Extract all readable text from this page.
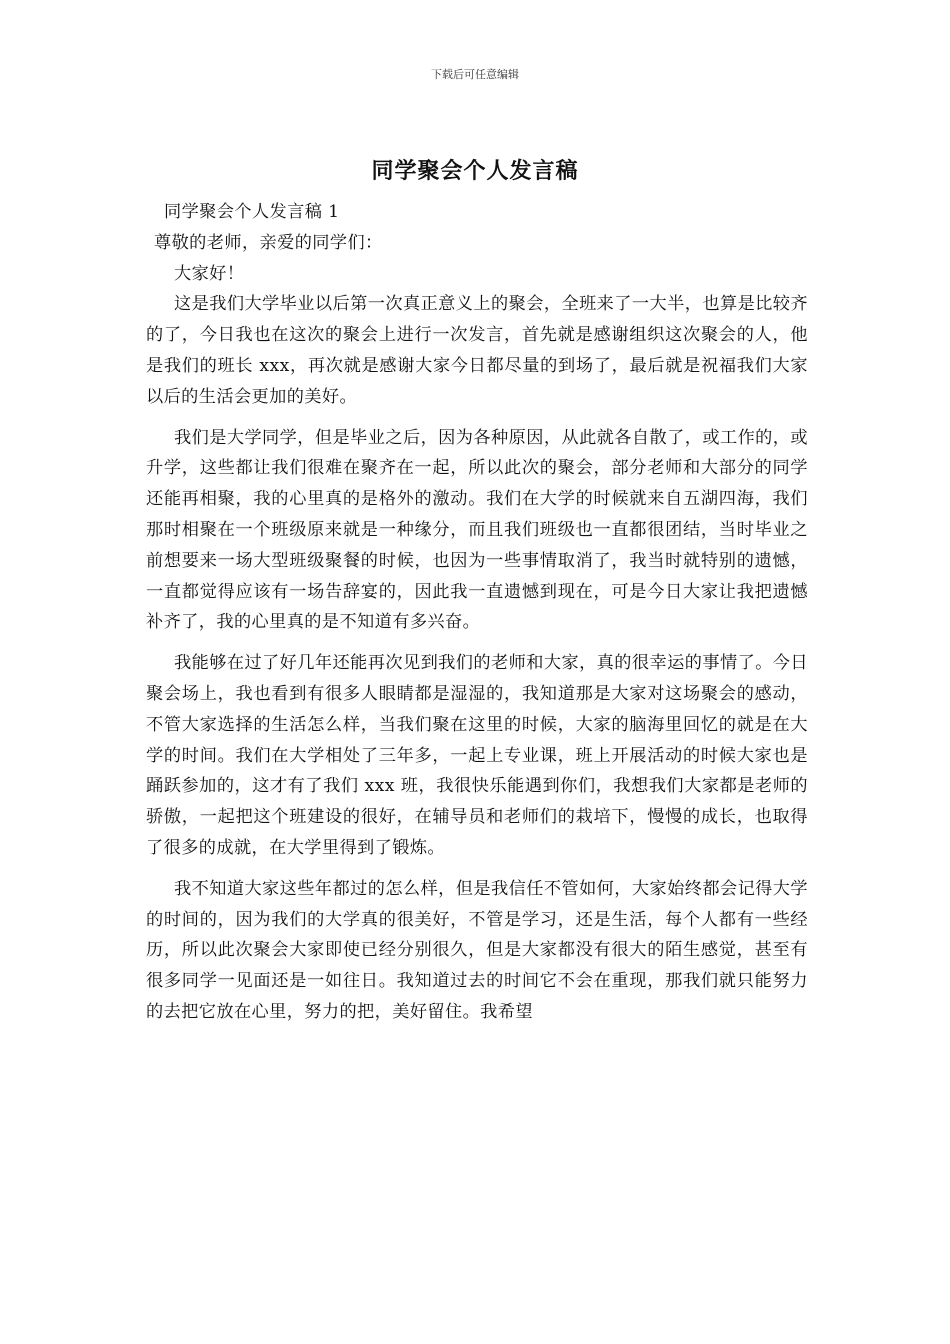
下载后可任意编辑
同学聚会个人发言稿

同学聚会个人发言稿 1

尊敬的老师，亲爱的同学们：

大家好！

这是我们大学毕业以后第一次真正意义上的聚会，全班来了一大半，也算是比较齐的了，今日我也在这次的聚会上进行一次发言，首先就是感谢组织这次聚会的人，他是我们的班长 xxx，再次就是感谢大家今日都尽量的到场了，最后就是祝福我们大家以后的生活会更加的美好。

我们是大学同学，但是毕业之后，因为各种原因，从此就各自散了，或工作的，或升学，这些都让我们很难在聚齐在一起，所以此次的聚会，部分老师和大部分的同学还能再相聚，我的心里真的是格外的激动。我们在大学的时候就来自五湖四海，我们那时相聚在一个班级原来就是一种缘分，而且我们班级也一直都很团结，当时毕业之前想要来一场大型班级聚餐的时候，也因为一些事情取消了，我当时就特别的遗憾，一直都觉得应该有一场告辞宴的，因此我一直遗憾到现在，可是今日大家让我把遗憾补齐了，我的心里真的是不知道有多兴奋。

我能够在过了好几年还能再次见到我们的老师和大家，真的很幸运的事情了。今日聚会场上，我也看到有很多人眼睛都是湿湿的，我知道那是大家对这场聚会的感动，不管大家选择的生活怎么样，当我们聚在这里的时候，大家的脑海里回忆的就是在大学的时间。我们在大学相处了三年多，一起上专业课，班上开展活动的时候大家也是踊跃参加的，这才有了我们 xxx 班，我很快乐能遇到你们，我想我们大家都是老师的骄傲，一起把这个班建设的很好，在辅导员和老师们的栽培下，慢慢的成长，也取得了很多的成就，在大学里得到了锻炼。

我不知道大家这些年都过的怎么样，但是我信任不管如何，大家始终都会记得大学的时间的，因为我们的大学真的很美好，不管是学习，还是生活，每个人都有一些经历，所以此次聚会大家即使已经分别很久，但是大家都没有很大的陌生感觉，甚至有很多同学一见面还是一如往日。我知道过去的时间它不会在重现，那我们就只能努力的去把它放在心里，努力的把，美好留住。我希望
